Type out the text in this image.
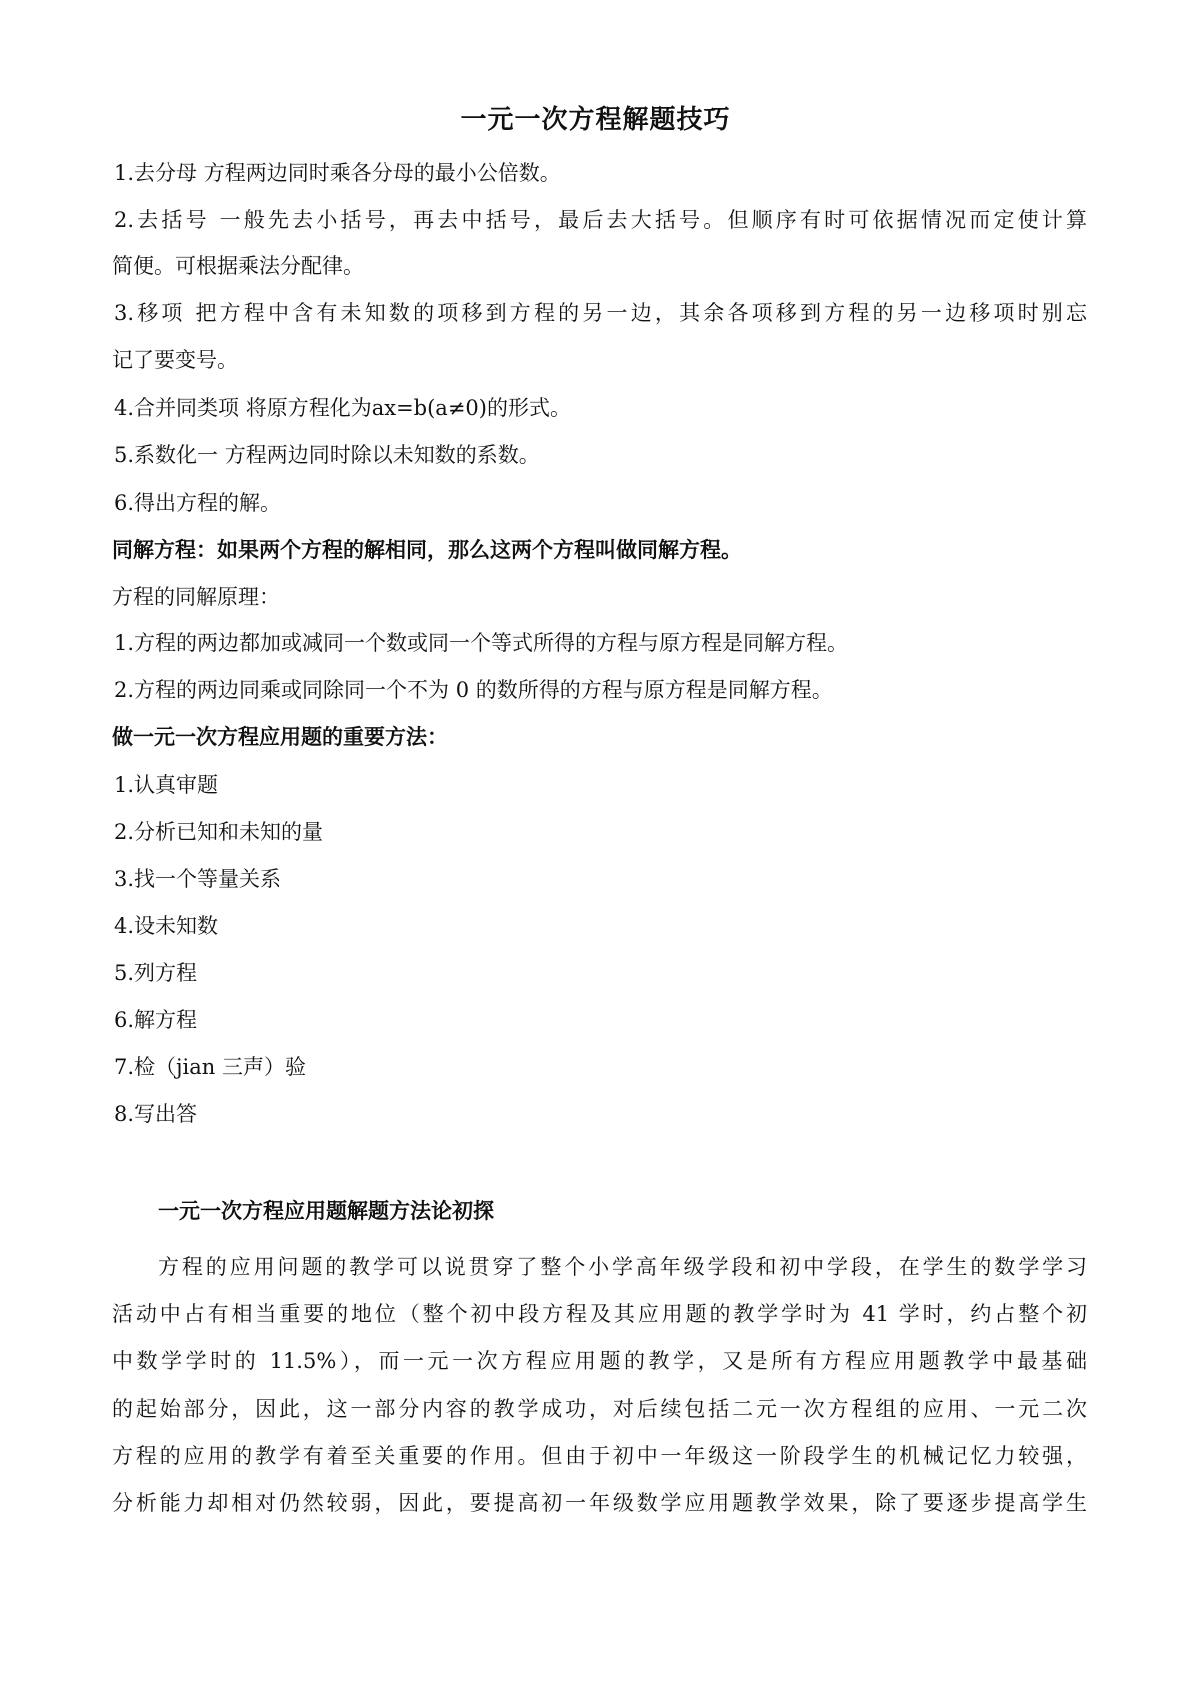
一元一次方程解题技巧
1.去分母 方程两边同时乘各分母的最小公倍数。
2.去括号 一般先去小括号，再去中括号，最后去大括号。但顺序有时可依据情况而定使计算
简便。可根据乘法分配律。
3.移项 把方程中含有未知数的项移到方程的另一边，其余各项移到方程的另一边移项时别忘
记了要变号。
4.合并同类项 将原方程化为ax=b(a≠0)的形式。
5.系数化一 方程两边同时除以未知数的系数。
6.得出方程的解。
同解方程：如果两个方程的解相同，那么这两个方程叫做同解方程。
方程的同解原理：
1.方程的两边都加或减同一个数或同一个等式所得的方程与原方程是同解方程。
2.方程的两边同乘或同除同一个不为 0 的数所得的方程与原方程是同解方程。
做一元一次方程应用题的重要方法：
1.认真审题
2.分析已知和未知的量
3.找一个等量关系
4.设未知数
5.列方程
6.解方程
7.检（jian 三声）验
8.写出答
一元一次方程应用题解题方法论初探
方程的应用问题的教学可以说贯穿了整个小学高年级学段和初中学段，在学生的数学学习
活动中占有相当重要的地位（整个初中段方程及其应用题的教学学时为 41 学时，约占整个初
中数学学时的 11.5%），而一元一次方程应用题的教学，又是所有方程应用题教学中最基础
的起始部分，因此，这一部分内容的教学成功，对后续包括二元一次方程组的应用、一元二次
方程的应用的教学有着至关重要的作用。但由于初中一年级这一阶段学生的机械记忆力较强，
分析能力却相对仍然较弱，因此，要提高初一年级数学应用题教学效果，除了要逐步提高学生
